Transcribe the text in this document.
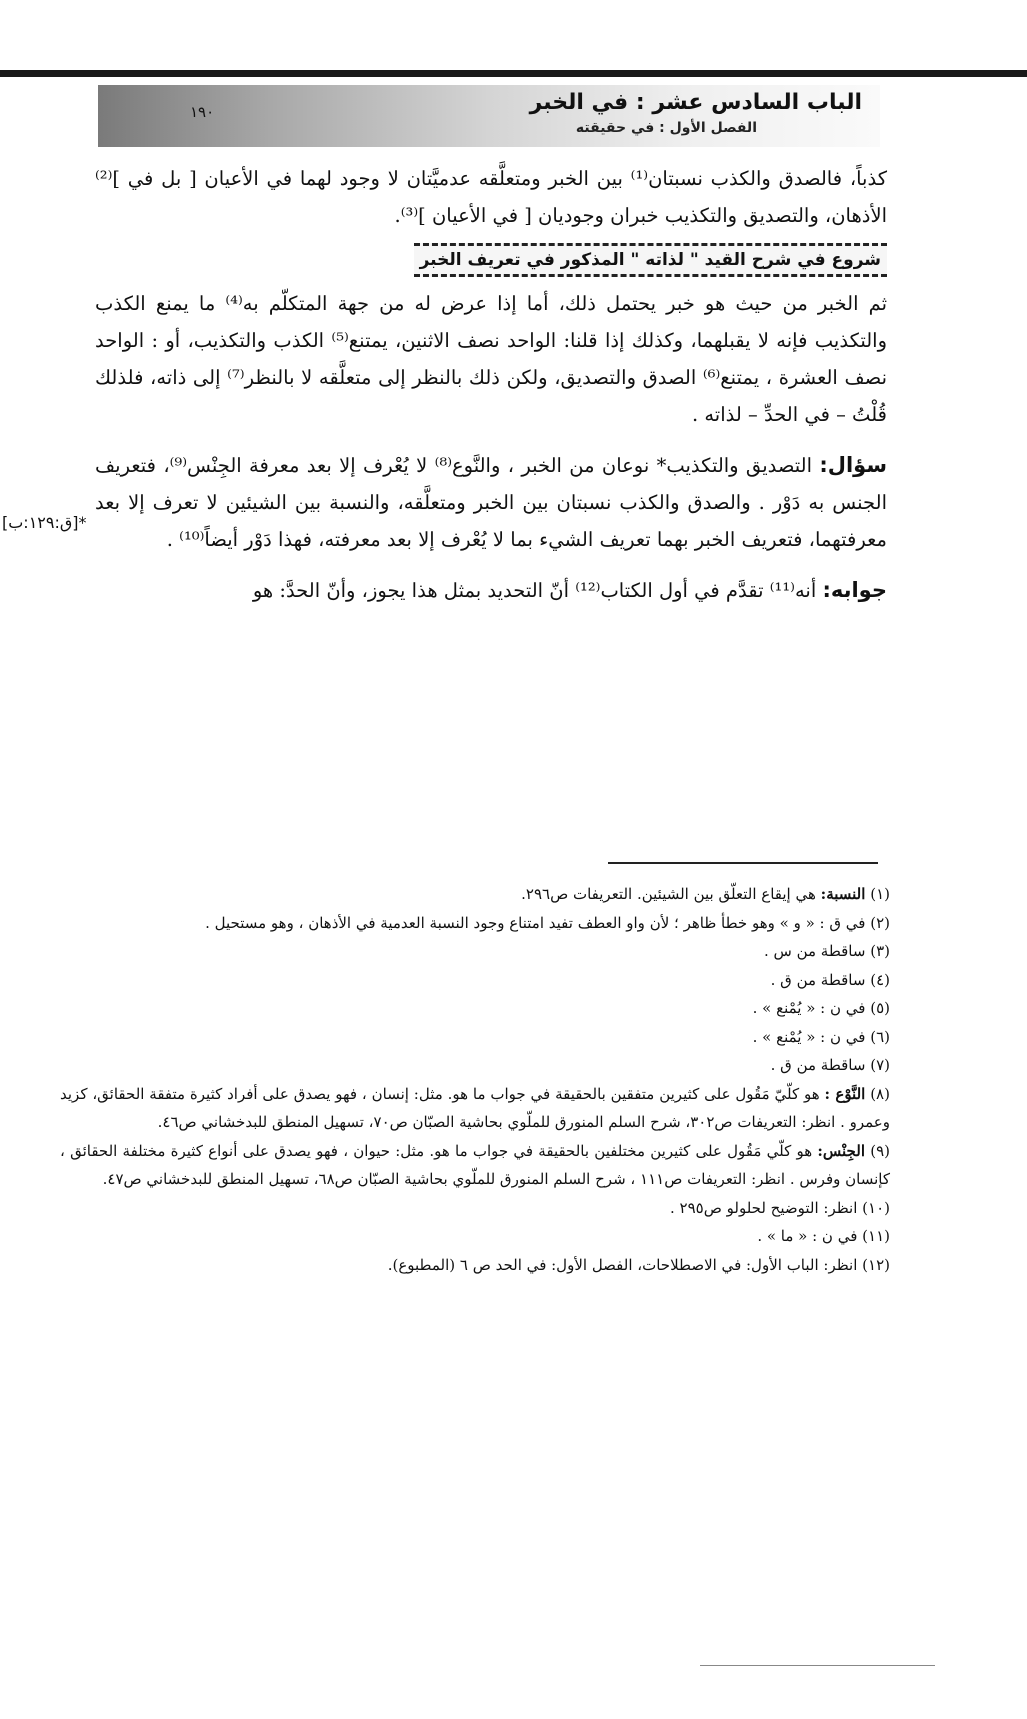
الباب السادس عشر : في الخبر
الفصل الأول : في حقيقته
١٩٠

كذباً، فالصدق والكذب نسبتان⁽¹⁾ بين الخبر ومتعلَّقه عدميَّتان لا وجود لهما في الأعيان [ بل في ]⁽²⁾ الأذهان، والتصديق والتكذيب خبران وجوديان [ في الأعيان ]⁽³⁾.

شروع في شرح القيد " لذاته " المذكور في تعريف الخبر

ثم الخبر من حيث هو خبر يحتمل ذلك، أما إذا عرض له من جهة المتكلّم به⁽⁴⁾ ما يمنع الكذب والتكذيب فإنه لا يقبلهما، وكذلك إذا قلنا: الواحد نصف الاثنين، يمتنع⁽⁵⁾ الكذب والتكذيب، أو : الواحد نصف العشرة ، يمتنع⁽⁶⁾ الصدق والتصديق، ولكن ذلك بالنظر إلى متعلَّقه لا بالنظر⁽⁷⁾ إلى ذاته، فلذلك قُلْتُ – في الحدِّ – لذاته .

سؤال: التصديق والتكذيب* نوعان من الخبر ، والنَّوع⁽⁸⁾ لا يُعْرف إلا بعد معرفة الجِنْس⁽⁹⁾، فتعريف الجنس به دَوْر . والصدق والكذب نسبتان بين الخبر ومتعلَّقه، والنسبة بين الشيئين لا تعرف إلا بعد معرفتهما، فتعريف الخبر بهما تعريف الشيء بما لا يُعْرف إلا بعد معرفته، فهذا دَوْر أيضاً⁽¹⁰⁾ .

جوابه: أنه⁽¹¹⁾ تقدَّم في أول الكتاب⁽¹²⁾ أنّ التحديد بمثل هذا يجوز، وأنّ الحدَّ: هو

*[ق:١٢٩:ب]

(١) النسبة: هي إيقاع التعلّق بين الشيئين. التعريفات ص٢٩٦.

(٢) في ق : « و » وهو خطأ ظاهر ؛ لأن واو العطف تفيد امتناع وجود النسبة العدمية في الأذهان ، وهو مستحيل .

(٣) ساقطة من س .

(٤) ساقطة من ق .

(٥) في ن : « يُمْنع » .

(٦) في ن : « يُمْنع » .

(٧) ساقطة من ق .

(٨) النَّوْع : هو كلّيّ مَقُول على كثيرين متفقين بالحقيقة في جواب ما هو. مثل: إنسان ، فهو يصدق على أفراد كثيرة متفقة الحقائق، كزيد وعمرو . انظر: التعريفات ص٣٠٢، شرح السلم المنورق للملّوي بحاشية الصبّان ص٧٠، تسهيل المنطق للبدخشاني ص٤٦.

(٩) الجِنْس: هو كلّي مَقُول على كثيرين مختلفين بالحقيقة في جواب ما هو. مثل: حيوان ، فهو يصدق على أنواع كثيرة مختلفة الحقائق ، كإنسان وفرس . انظر: التعريفات ص١١١ ، شرح السلم المنورق للملّوي بحاشية الصبّان ص٦٨، تسهيل المنطق للبدخشاني ص٤٧.

(١٠) انظر: التوضيح لحلولو ص٢٩٥ .

(١١) في ن : « ما » .

(١٢) انظر: الباب الأول: في الاصطلاحات، الفصل الأول: في الحد ص ٦ (المطبوع).
